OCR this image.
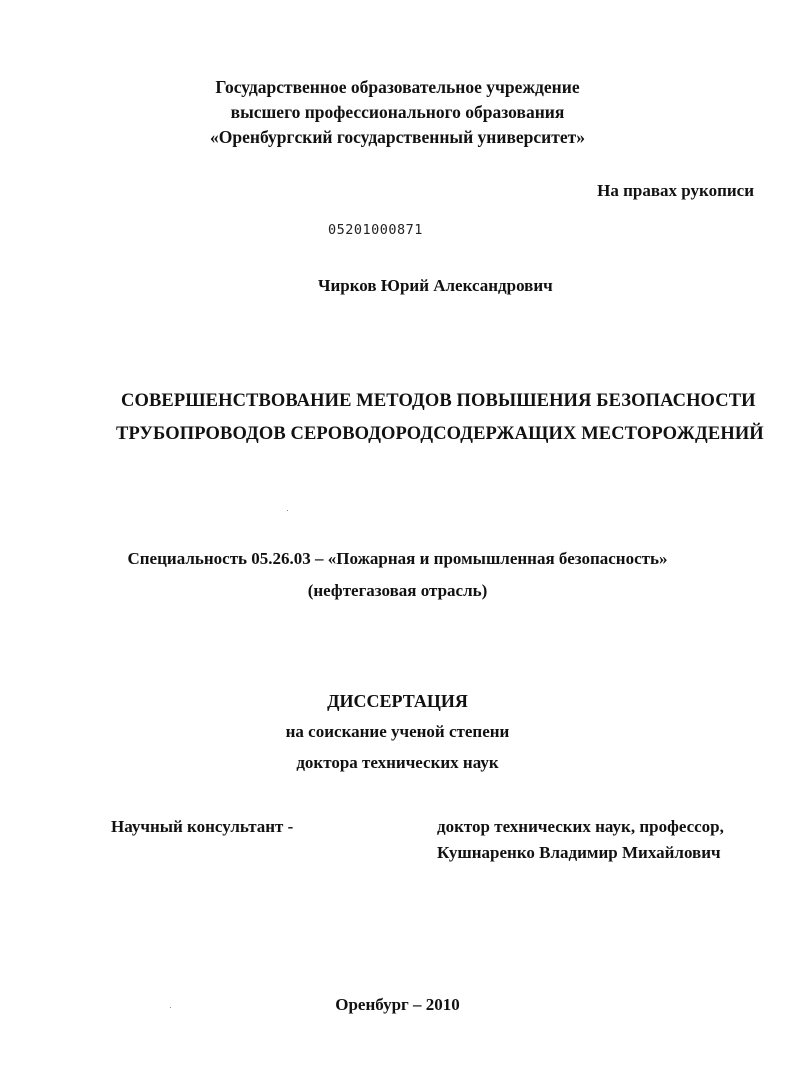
Государственное образовательное учреждение
высшего профессионального образования
«Оренбургский государственный университет»
На правах рукописи
05201000871
Чирков Юрий Александрович
СОВЕРШЕНСТВОВАНИЕ МЕТОДОВ ПОВЫШЕНИЯ БЕЗОПАСНОСТИ
ТРУБОПРОВОДОВ СЕРОВОДОРОДСОДЕРЖАЩИХ МЕСТОРОЖДЕНИЙ
Специальность 05.26.03 – «Пожарная и промышленная безопасность»
(нефтегазовая отрасль)
ДИССЕРТАЦИЯ
на соискание ученой степени
доктора технических наук
Научный консультант -	доктор технических наук, профессор,
Кушнаренко Владимир Михайлович
Оренбург – 2010
